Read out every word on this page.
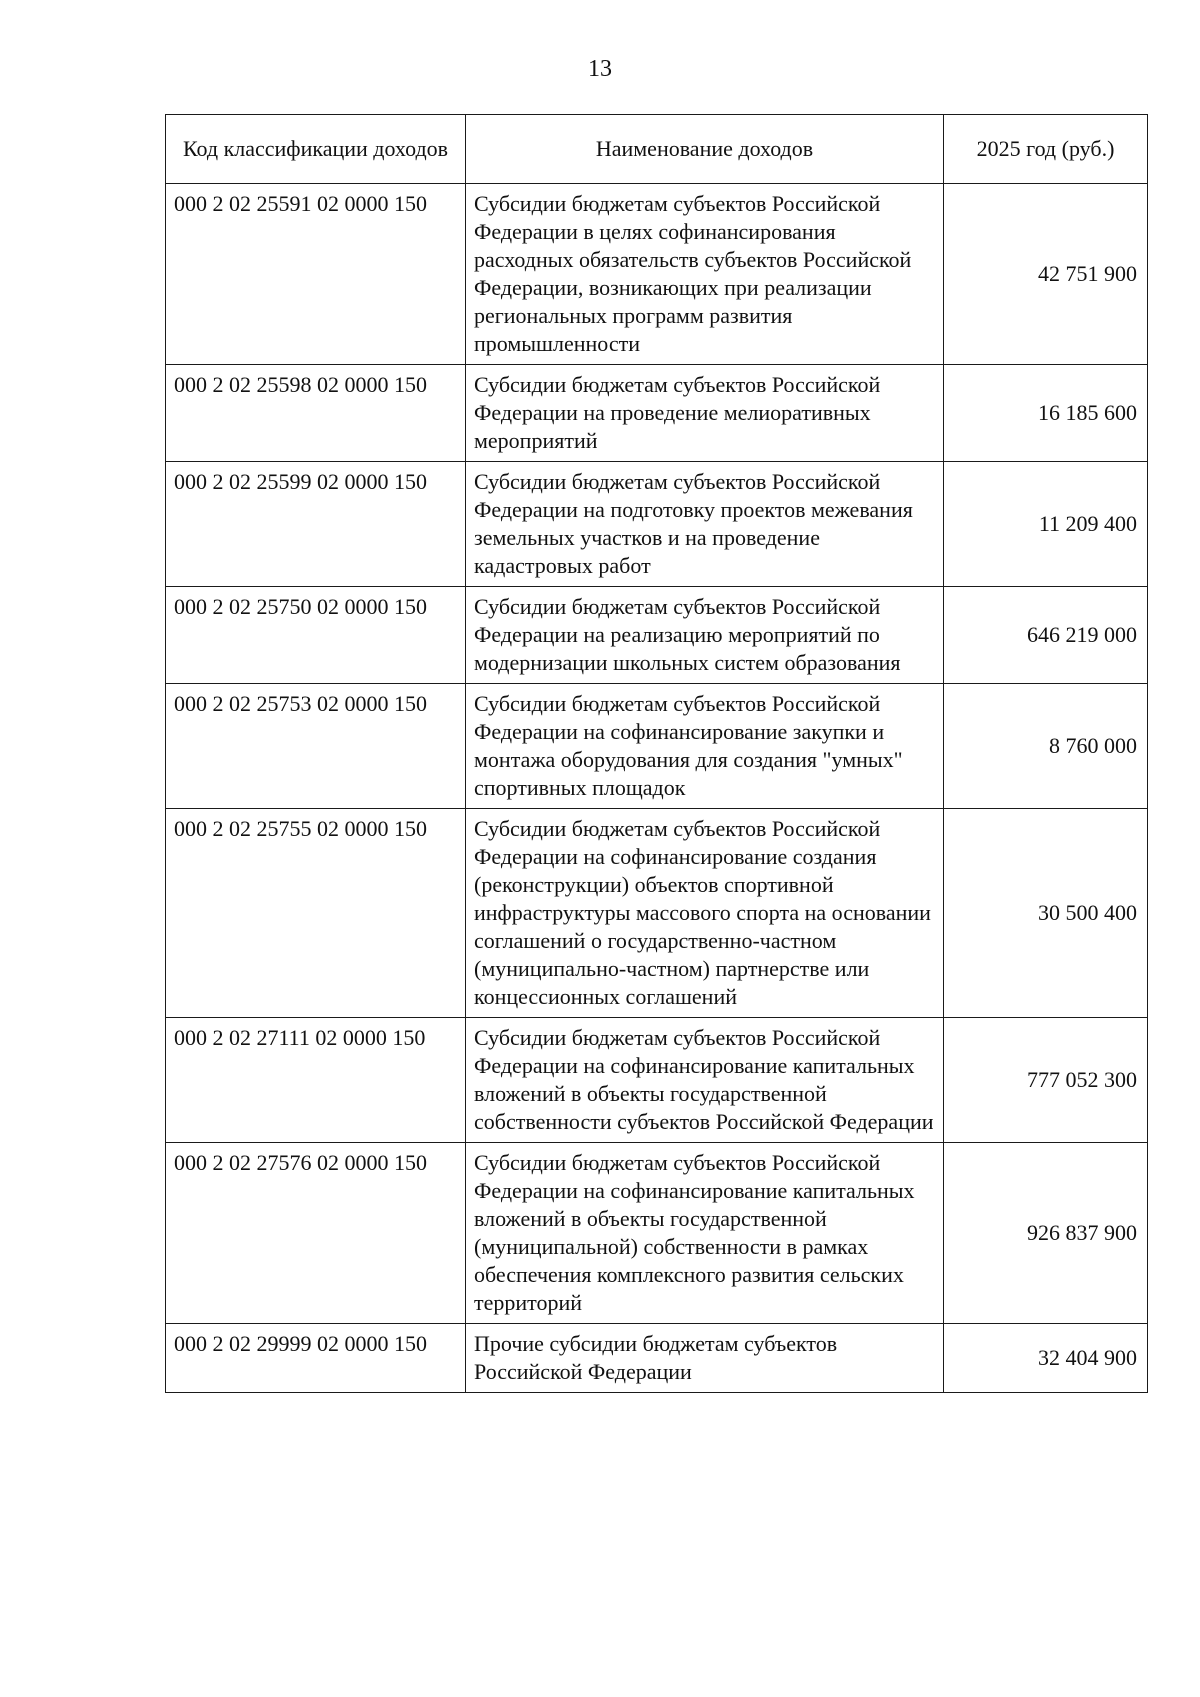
13
Код классификации доходов	Наименование доходов	2025 год (руб.)
000 2 02 25591 02 0000 150	Субсидии бюджетам субъектов Российской Федерации в целях софинансирования расходных обязательств субъектов Российской Федерации, возникающих при реализации региональных программ развития промышленности	42 751 900
000 2 02 25598 02 0000 150	Субсидии бюджетам субъектов Российской Федерации на проведение мелиоративных мероприятий	16 185 600
000 2 02 25599 02 0000 150	Субсидии бюджетам субъектов Российской Федерации на подготовку проектов межевания земельных участков и на проведение кадастровых работ	11 209 400
000 2 02 25750 02 0000 150	Субсидии бюджетам субъектов Российской Федерации на реализацию мероприятий по модернизации школьных систем образования	646 219 000
000 2 02 25753 02 0000 150	Субсидии бюджетам субъектов Российской Федерации на софинансирование закупки и монтажа оборудования для создания "умных" спортивных площадок	8 760 000
000 2 02 25755 02 0000 150	Субсидии бюджетам субъектов Российской Федерации на софинансирование создания (реконструкции) объектов спортивной инфраструктуры массового спорта на основании соглашений о государственно-частном (муниципально-частном) партнерстве или концессионных соглашений	30 500 400
000 2 02 27111 02 0000 150	Субсидии бюджетам субъектов Российской Федерации на софинансирование капитальных вложений в объекты государственной собственности субъектов Российской Федерации	777 052 300
000 2 02 27576 02 0000 150	Субсидии бюджетам субъектов Российской Федерации на софинансирование капитальных вложений в объекты государственной (муниципальной) собственности в рамках обеспечения комплексного развития сельских территорий	926 837 900
000 2 02 29999 02 0000 150	Прочие субсидии бюджетам субъектов Российской Федерации	32 404 900
